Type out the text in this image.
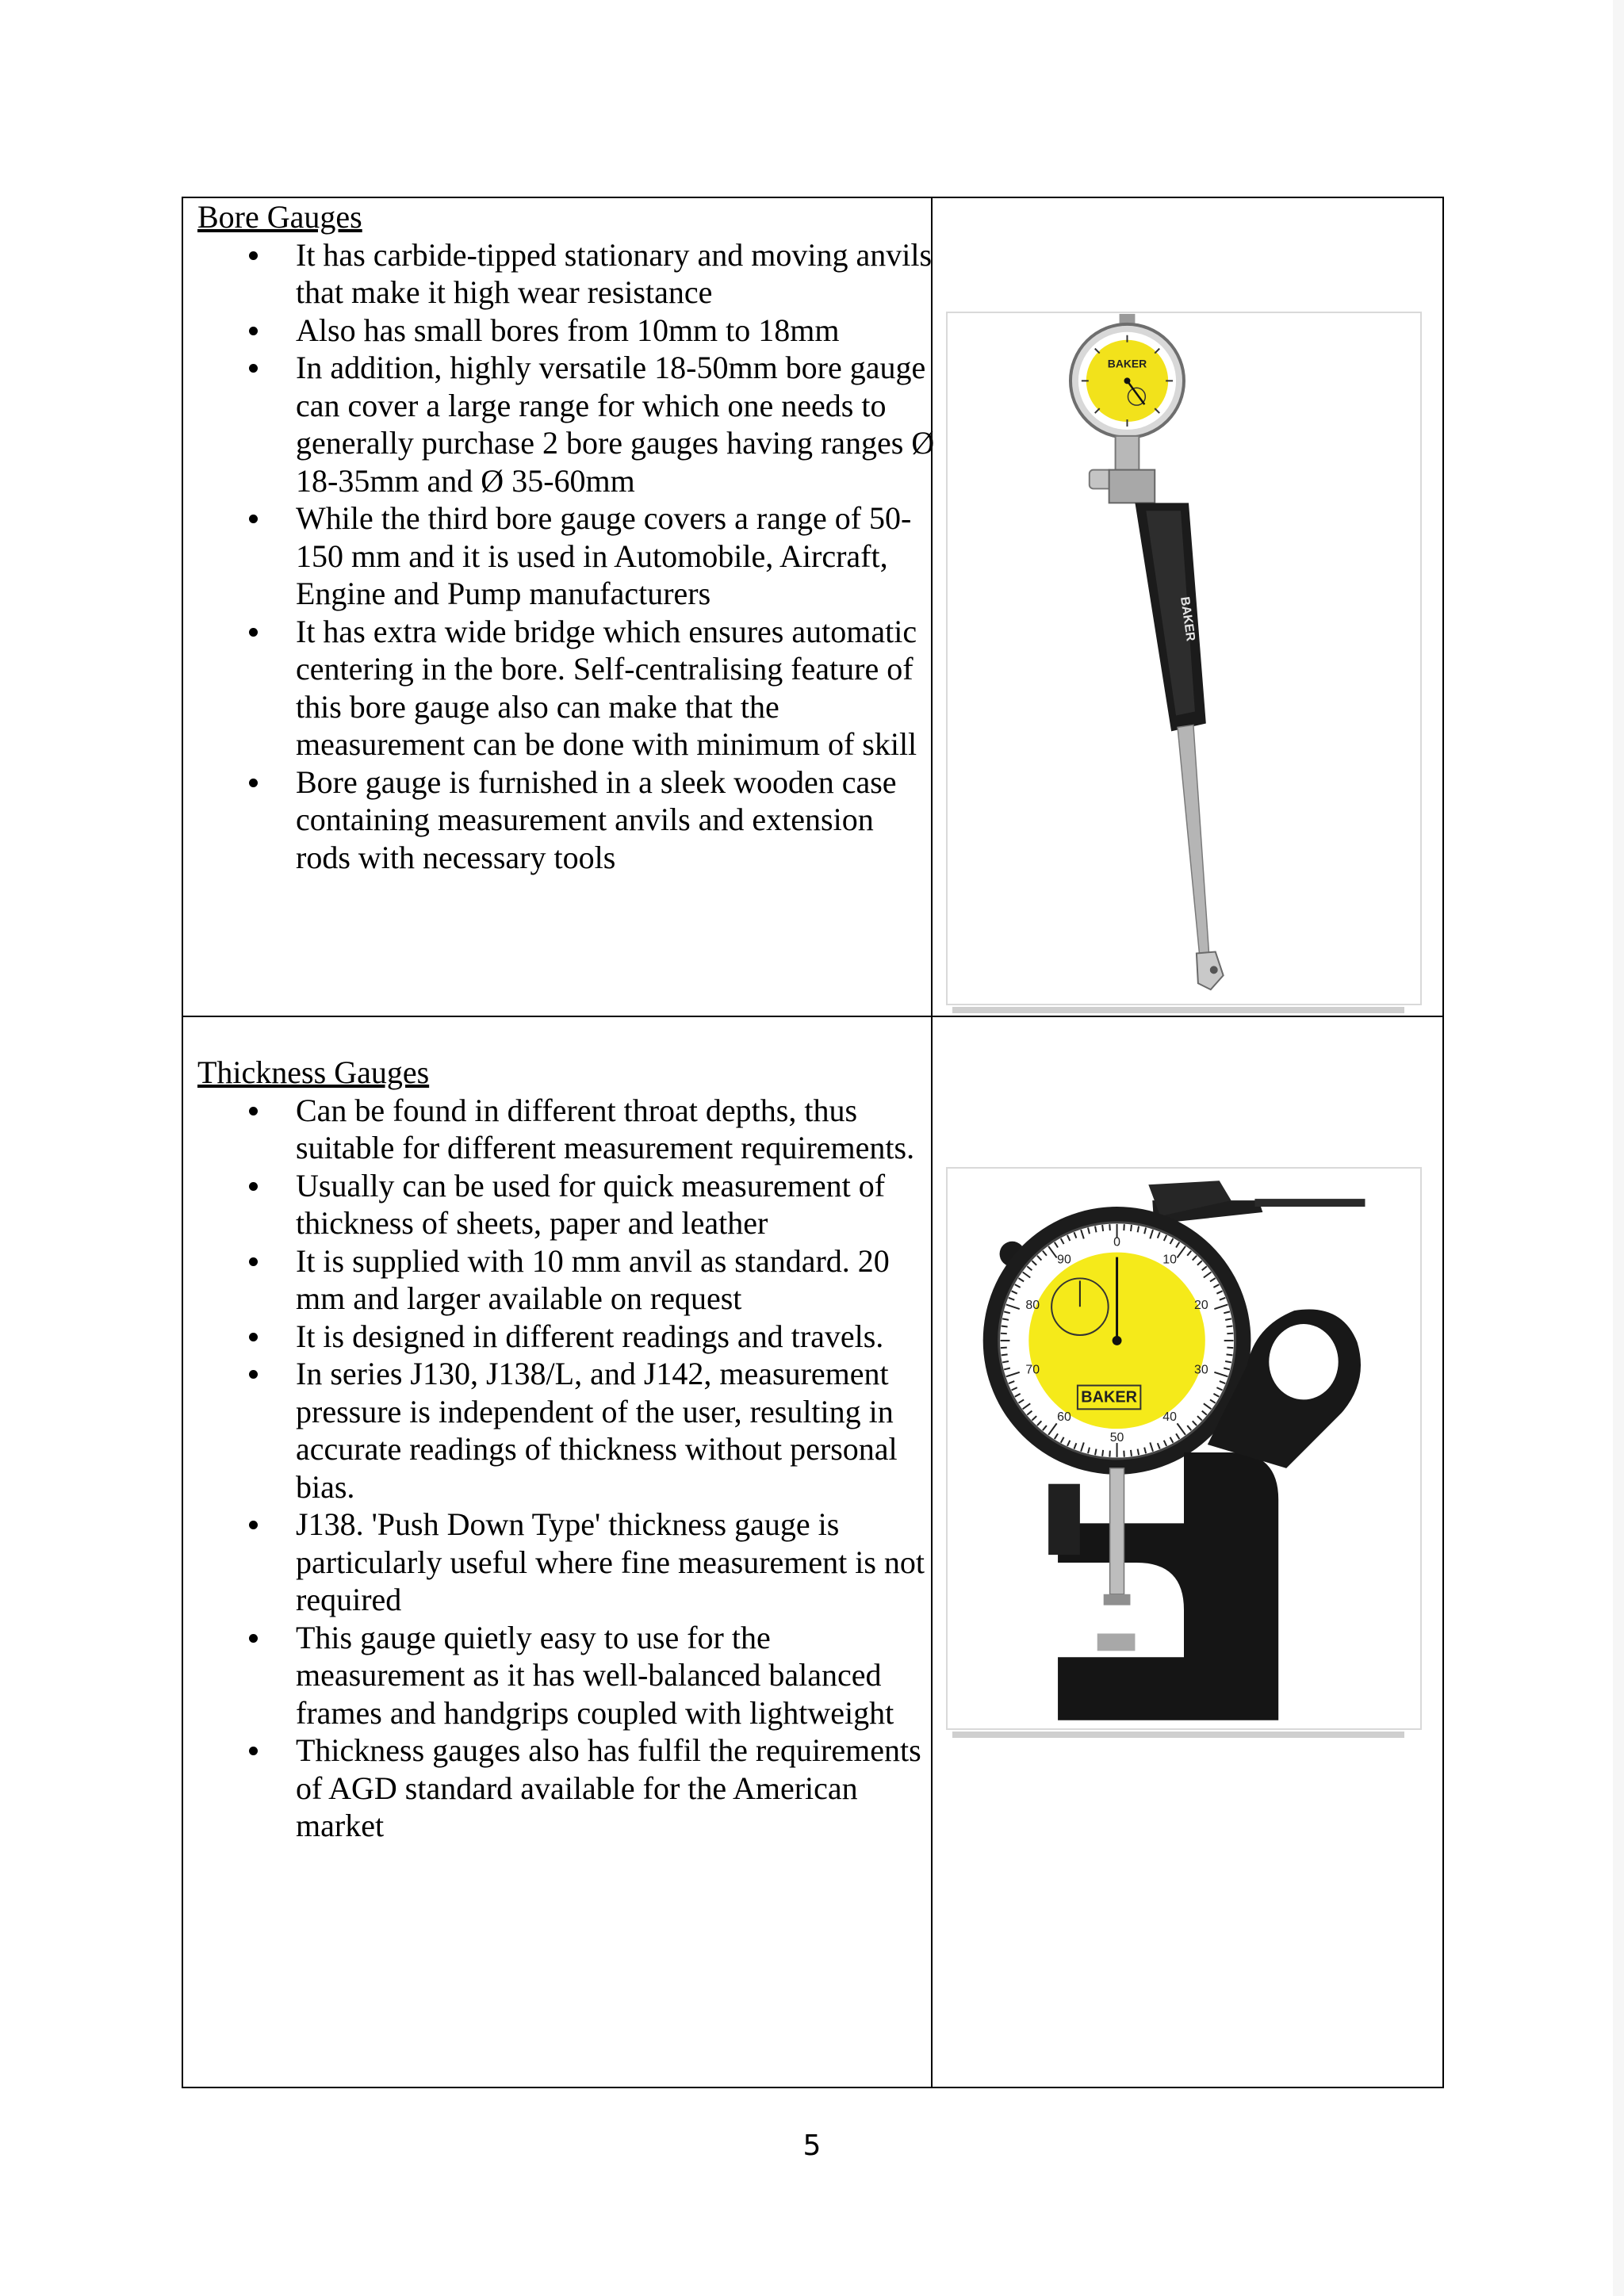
Bore Gauges
It has carbide-tipped stationary and moving anvils that make it high wear resistance
Also has small bores from 10mm to 18mm
In addition, highly versatile 18-50mm bore gauge can cover a large range for which one needs to generally purchase 2 bore gauges having ranges Ø 18-35mm and Ø 35-60mm
While the third bore gauge covers a range of 50-150 mm and it is used in Automobile, Aircraft, Engine and Pump manufacturers
It has extra wide bridge which ensures automatic centering in the bore. Self-centralising feature of this bore gauge also can make that the measurement can be done with minimum of skill
Bore gauge is furnished in a sleek wooden case containing measurement anvils and extension rods with necessary tools
BAKER
BAKER
Thickness Gauges
Can be found in different throat depths, thus suitable for different measurement requirements.
Usually can be used for quick measurement of thickness of sheets, paper and leather
It is supplied with 10 mm anvil as standard. 20 mm and larger available on request
It is designed in different readings and travels.
In series J130, J138/L, and J142, measurement pressure is independent of the user, resulting in accurate readings of thickness without personal bias.
J138. 'Push Down Type' thickness gauge is particularly useful where fine measurement is not required
This gauge quietly easy to use for the measurement as it has well-balanced balanced frames and handgrips coupled with lightweight
Thickness gauges also has fulfil the requirements of AGD standard available for the American market
0
10
20
30
40
50
60
70
80
90
BAKER
5
